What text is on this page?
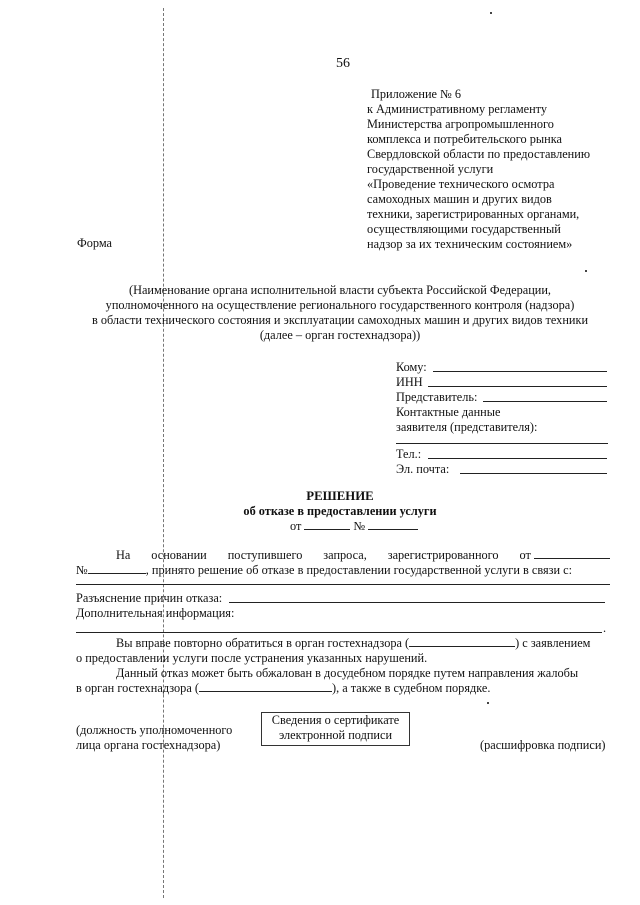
56
Приложение № 6
к Административному регламенту
Министерства агропромышленного
комплекса и потребительского рынка
Свердловской области по предоставлению
государственной услуги
«Проведение технического осмотра
самоходных машин и других видов
техники, зарегистрированных органами,
осуществляющими государственный
надзор за их техническим состоянием»
Форма
(Наименование органа исполнительной власти субъекта Российской Федерации,
уполномоченного на осуществление регионального государственного контроля (надзора)
в области технического состояния и эксплуатации самоходных машин и других видов техники
(далее – орган гостехнадзора))
Кому:
ИНН
Представитель:
Контактные данные
заявителя (представителя):
Тел.:
Эл. почта:
РЕШЕНИЕ
об отказе в предоставлении услуги
от	№
На основании поступившего запроса, зарегистрированного от
№	, принято решение об отказе в предоставлении государственной услуги в связи с:
Разъяснение причин отказа:
Дополнительная информация:
.
Вы вправе повторно обратиться в орган гостехнадзора (	) с заявлением
о предоставлении услуги после устранения указанных нарушений.
Данный отказ может быть обжалован в досудебном порядке путем направления жалобы
в орган гостехнадзора (	), а также в судебном порядке.
(должность уполномоченного
лица органа гостехнадзора)
Сведения о сертификате
электронной подписи
(расшифровка подписи)
